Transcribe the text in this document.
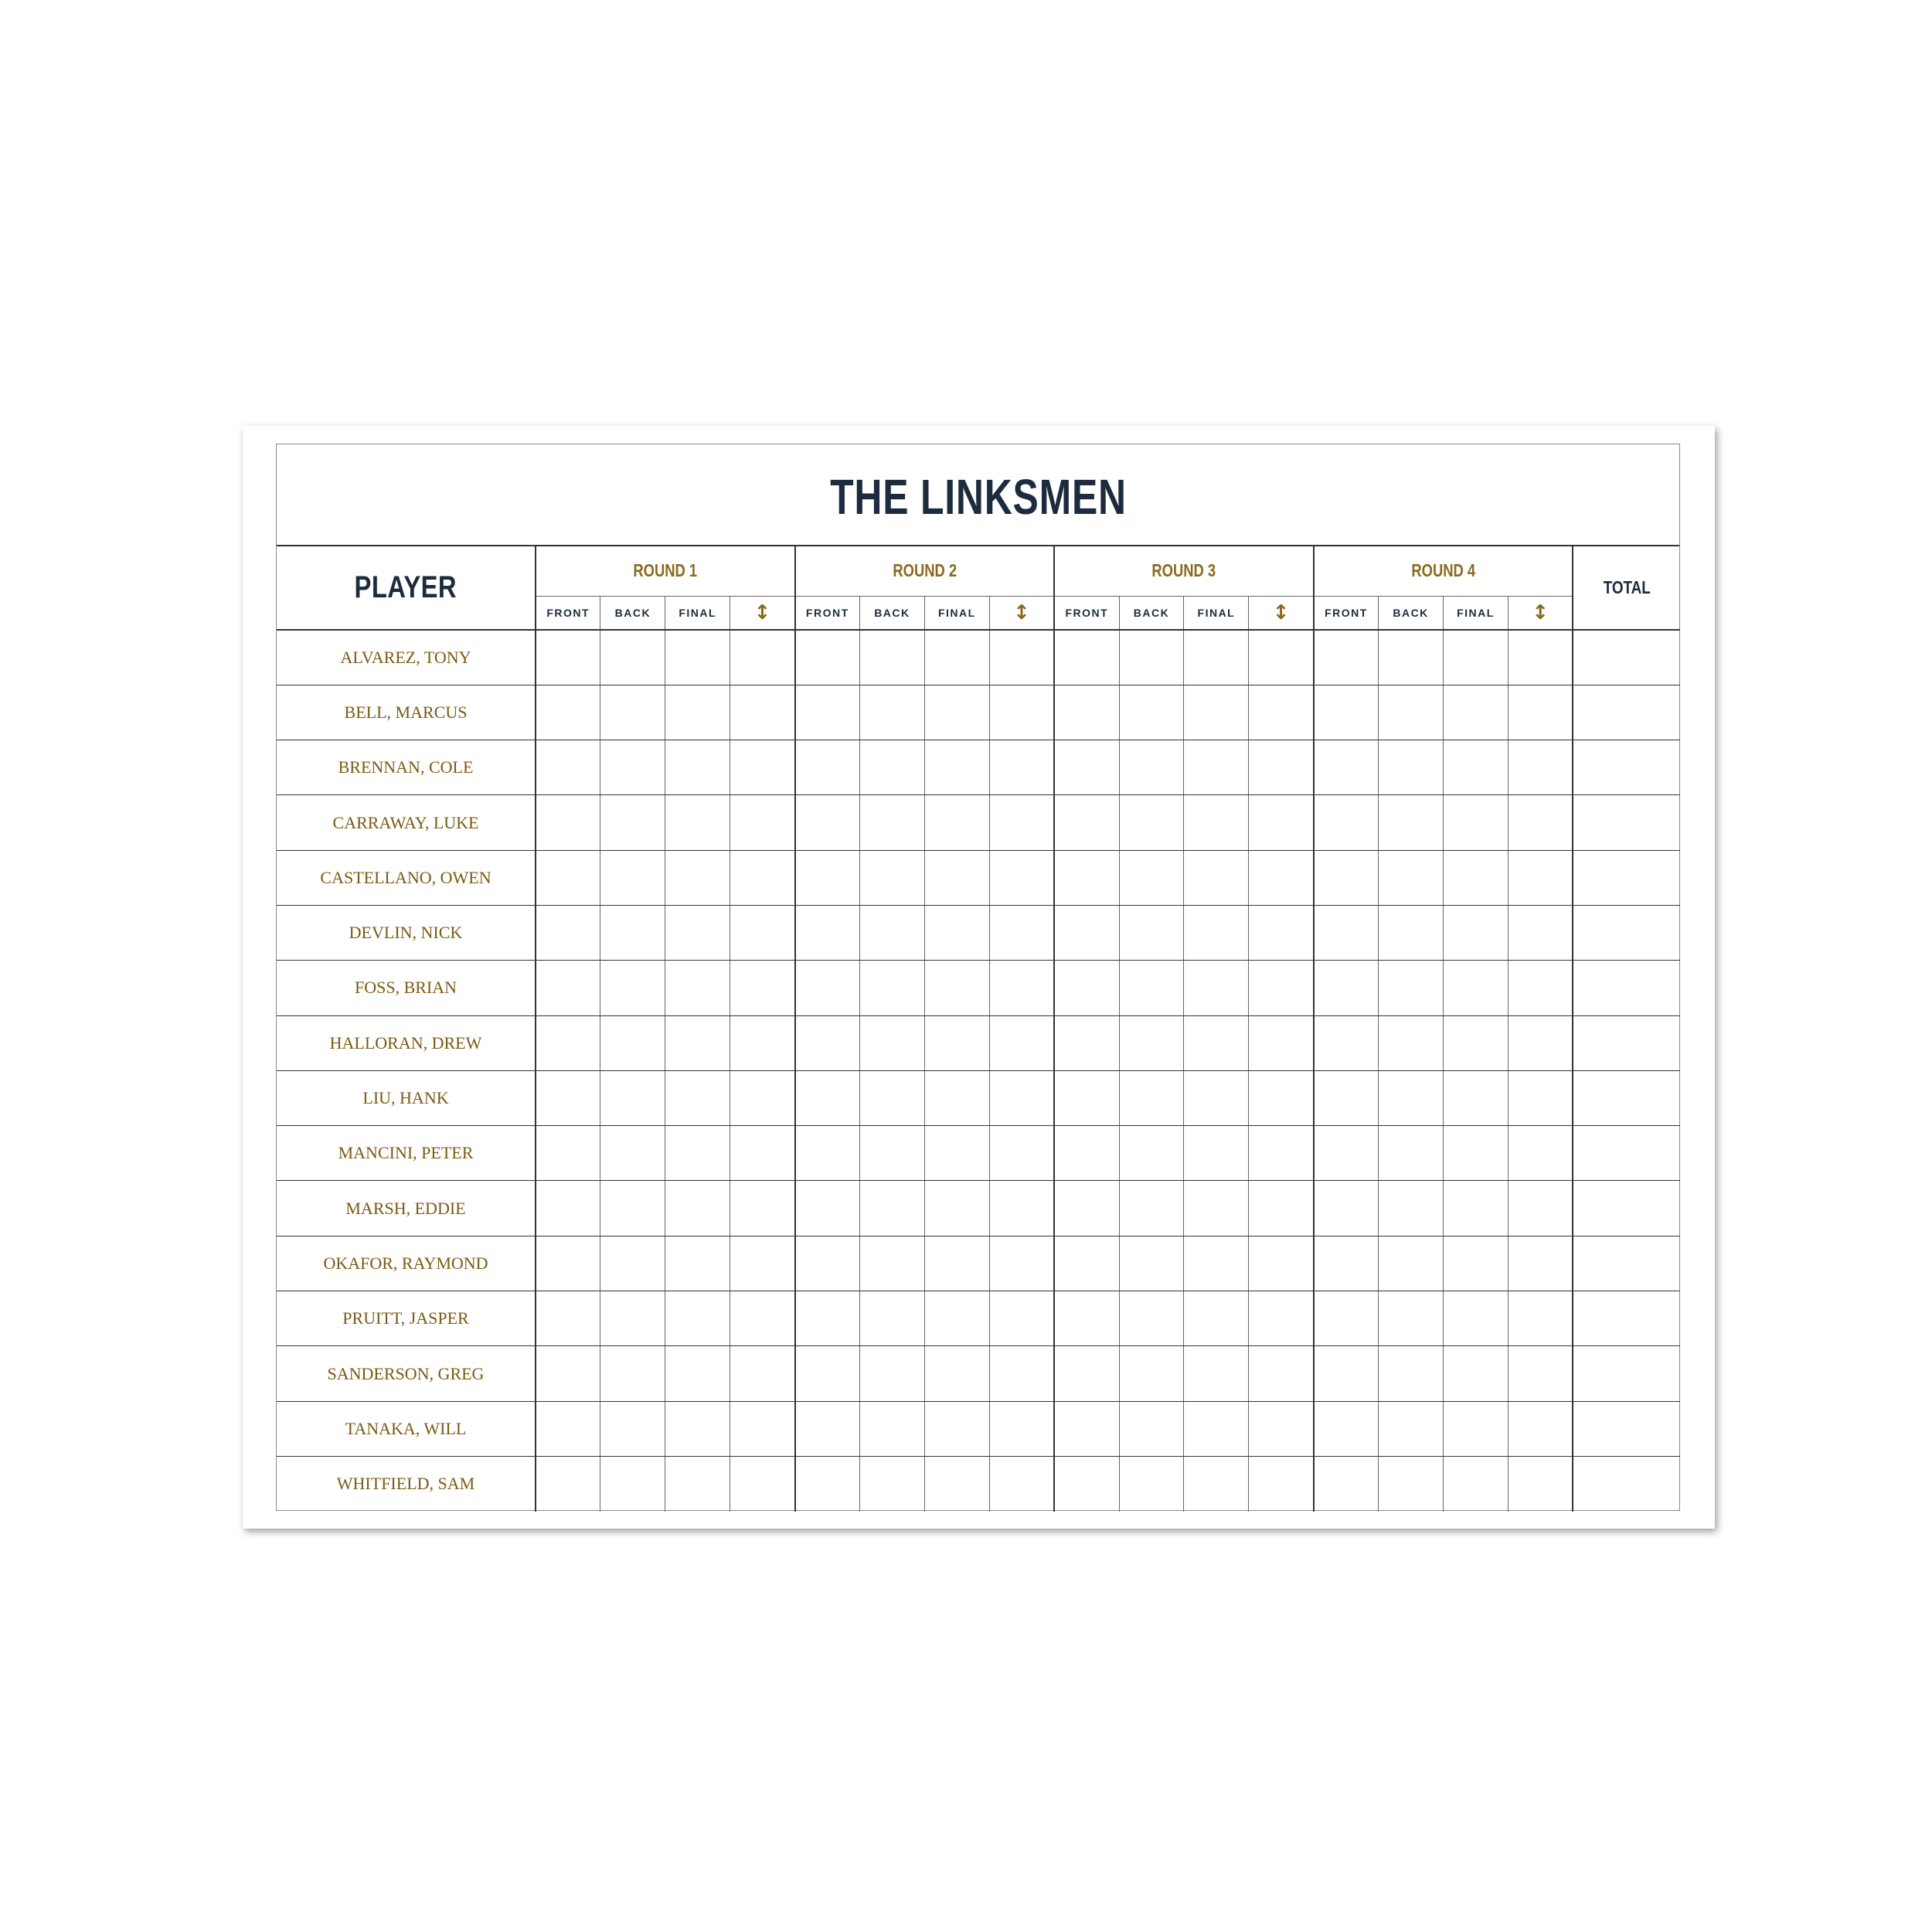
THE LINKSMEN
PLAYER	ROUND 1				ROUND 2				ROUND 3				ROUND 4				TOTAL
	FRONT	BACK	FINAL	↕	FRONT	BACK	FINAL	↕	FRONT	BACK	FINAL	↕	FRONT	BACK	FINAL	↕	
ALVAREZ, TONY																	
BELL, MARCUS																	
BRENNAN, COLE																	
CARRAWAY, LUKE																	
CASTELLANO, OWEN																	
DEVLIN, NICK																	
FOSS, BRIAN																	
HALLORAN, DREW																	
LIU, HANK																	
MANCINI, PETER																	
MARSH, EDDIE																	
OKAFOR, RAYMOND																	
PRUITT, JASPER																	
SANDERSON, GREG																	
TANAKA, WILL																	
WHITFIELD, SAM																	
